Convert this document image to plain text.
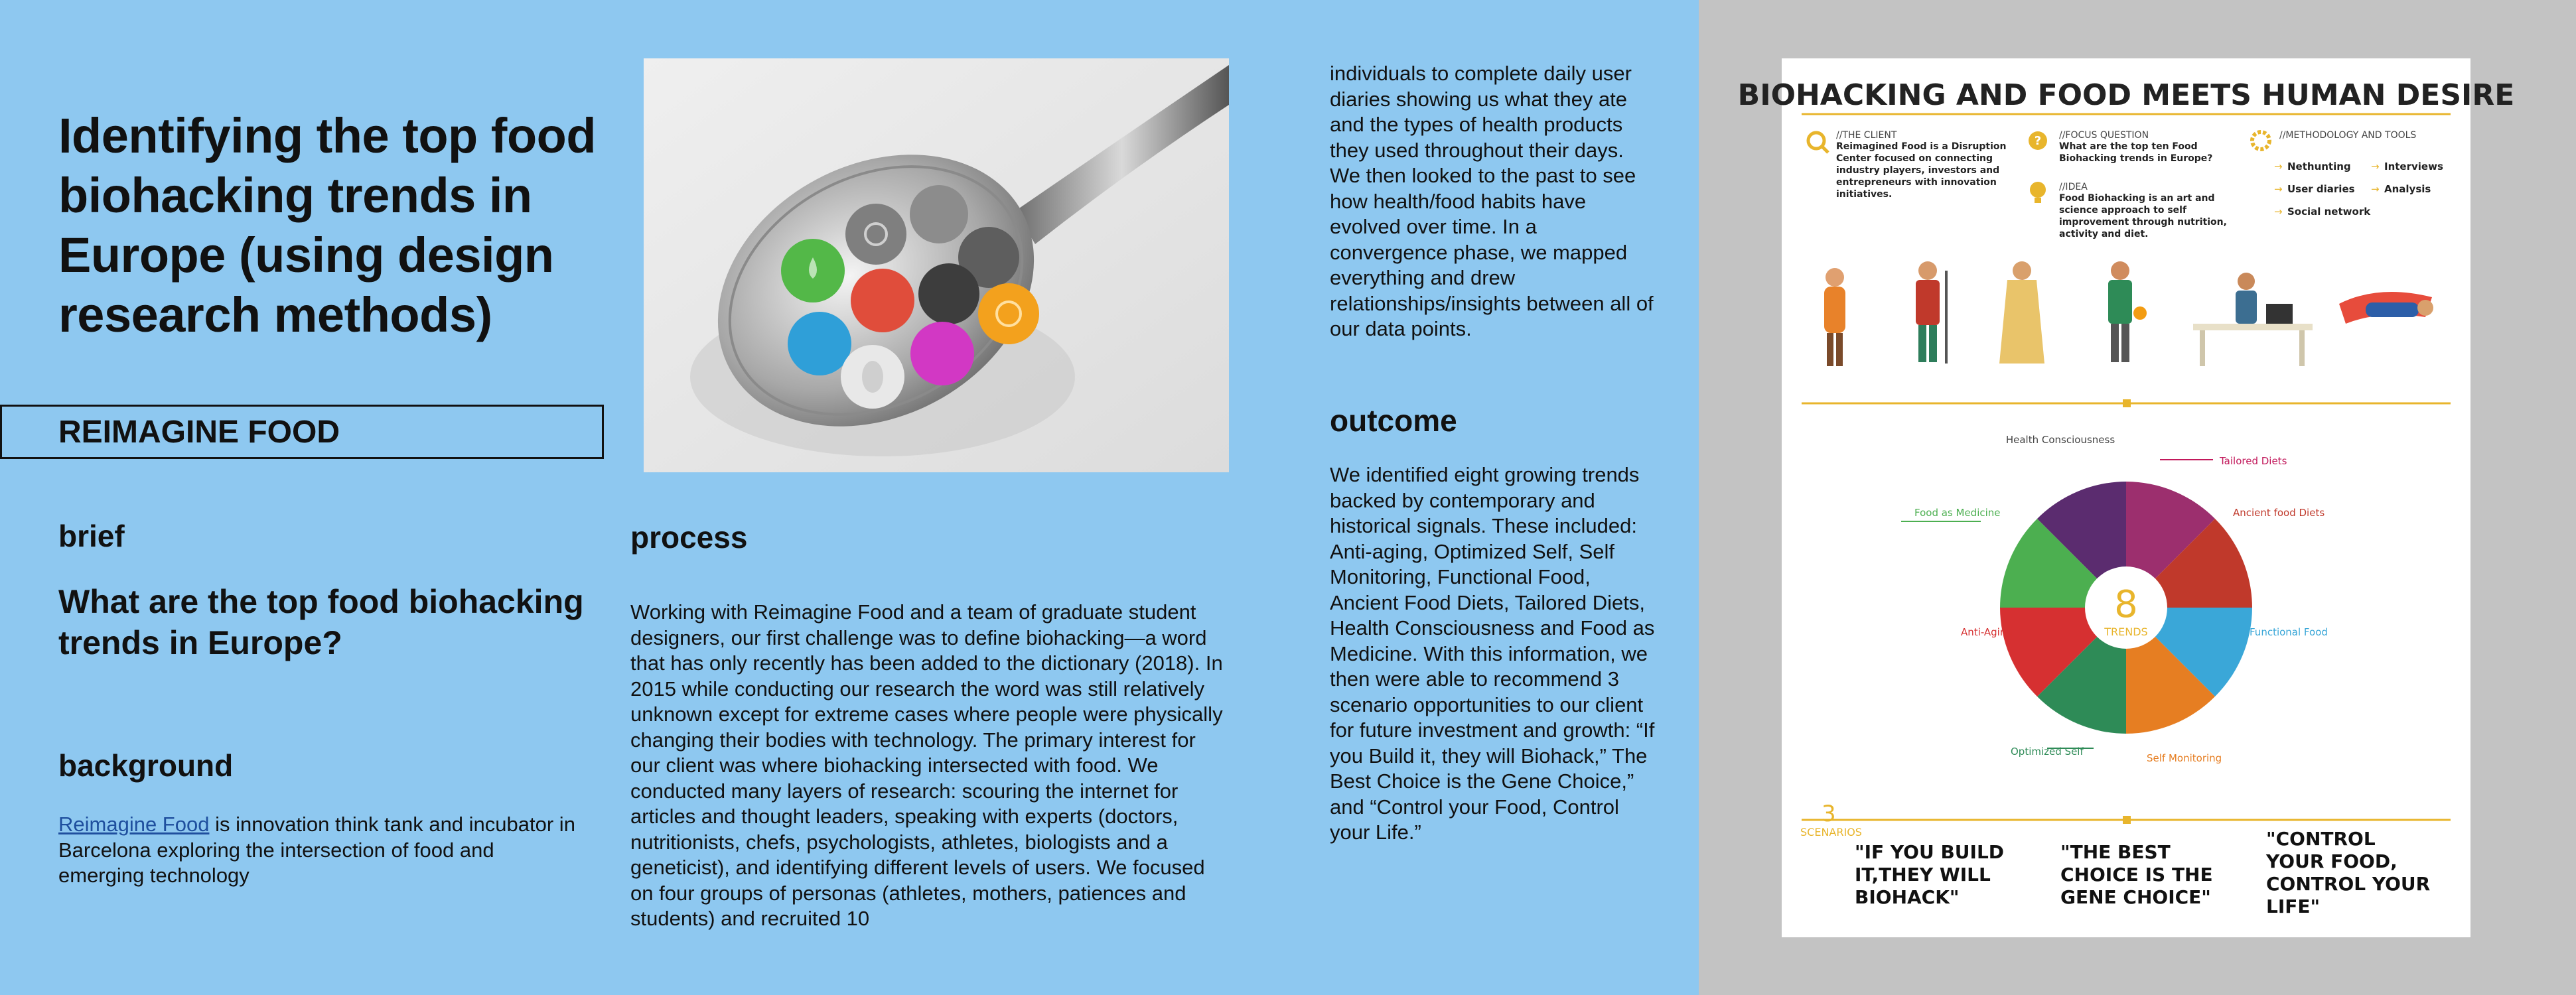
Identifying the top food biohacking trends in Europe (using design research methods)
REIMAGINE FOOD
brief

What are the top food biohacking trends in Europe?

background

Reimagine Food is innovation think tank and incubator in Barcelona exploring the intersection of food and emerging technology

process

Working with Reimagine Food and a team of graduate student designers, our first challenge was to define biohacking—a word that has only recently has been added to the dictionary (2018). In 2015 while conducting our research the word was still relatively unknown except for extreme cases where people were physically changing their bodies with technology. The primary interest for our client was where biohacking intersected with food. We conducted many layers of research: scouring the internet for articles and thought leaders, speaking with experts (doctors, nutritionists, chefs, psychologists, athletes, biologists and a geneticist), and identifying different levels of users. We focused on four groups of personas (athletes, mothers, patiences and students) and recruited 10

individuals to complete daily user diaries showing us what they ate and the types of health products they used throughout their days. We then looked to the past to see how health/food habits have evolved over time. In a convergence phase, we mapped everything and drew relationships/insights between all of our data points.

outcome

We identified eight growing trends backed by contemporary and historical signals. These included: Anti-aging, Optimized Self, Self Monitoring, Functional Food, Ancient Food Diets, Tailored Diets, Health Consciousness and Food as Medicine. With this information, we then were able to recommend 3 scenario opportunities to our client for future investment and growth: “If you Build it, they will Biohack,” The Best Choice is the Gene Choice,” and “Control your Food, Control your Life.”

BIOHACKING AND FOOD MEETS HUMAN DESIRE
//THE CLIENT
Reimagined Food is a Disruption Center focused on connecting industry players, investors and entrepreneurs with innovation initiatives.
? //FOCUS QUESTION
What are the top ten Food Biohacking trends in Europe?
//IDEA
Food Biohacking is an art and science approach to self improvement through nutrition, activity and diet.
//METHODOLOGY AND TOOLS
→ Nethunting → Interviews
→ User diaries → Analysis
→ Social network
8
TRENDS
Health Consciousness
Tailored Diets
Ancient food Diets
Functional Food
Self Monitoring
Optimized Self
Anti-Aging
Food as Medicine
3
SCENARIOS
"IF YOU BUILD IT,THEY WILL BIOHACK"
"THE BEST CHOICE IS THE GENE CHOICE"
"CONTROL YOUR FOOD, CONTROL YOUR LIFE"
